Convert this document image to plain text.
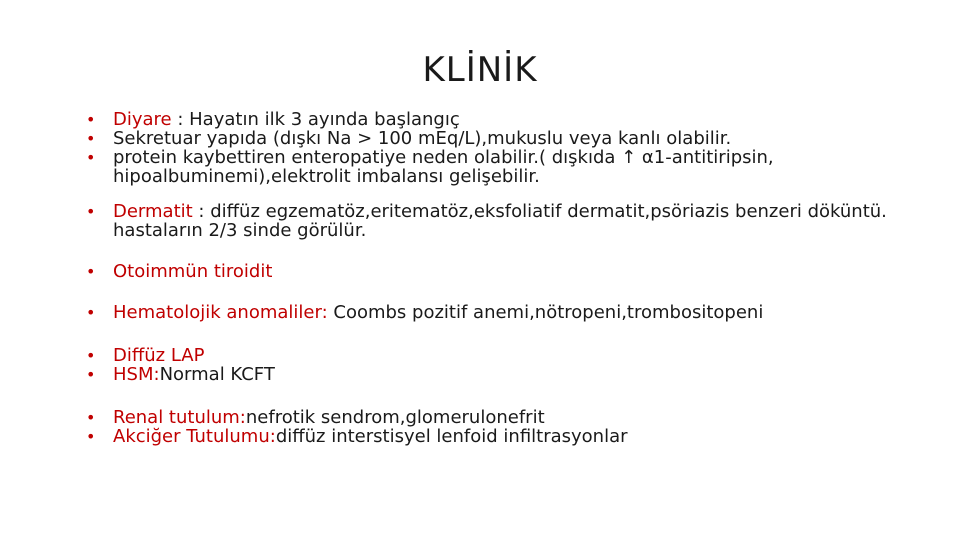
KLİNİK

• Diyare : Hayatın ilk 3 ayında başlangıç

• Sekretuar yapıda (dışkı Na > 100 mEq/L),mukuslu veya kanlı olabilir.

• protein kaybettiren enteropatiye neden olabilir.( dışkıda ↑ α1-antitiripsin, hipoalbuminemi),elektrolit imbalansı gelişebilir.

• Dermatit : diffüz egzematöz,eritematöz,eksfoliatif dermatit,psöriazis benzeri döküntü. hastaların 2/3 sinde görülür.

• Otoimmün tiroidit

• Hematolojik anomaliler: Coombs pozitif anemi,nötropeni,trombositopeni

• Diffüz LAP

• HSM:Normal KCFT

• Renal tutulum:nefrotik sendrom,glomerulonefrit

• Akciğer Tutulumu:diffüz interstisyel lenfoid infiltrasyonlar
